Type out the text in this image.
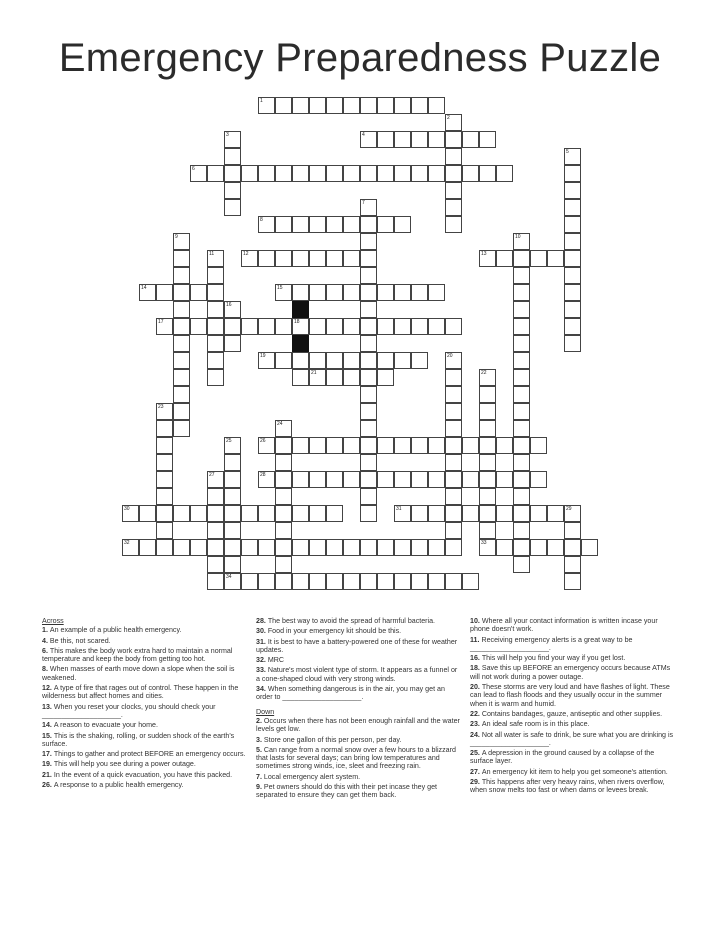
Emergency Preparedness Puzzle
1
2
3	4
5
6
7
8
9	10
11	12	13
14	15
16
17	18
19	20
21	22
33
23
24
25	26
27	28
29
30	31
32
34
Across
1. An example of a public health emergency.
4. Be this, not scared.
6. This makes the body work extra hard to maintain a normal temperature and keep the body from getting too hot.
8. When masses of earth move down a slope when the soil is weakened.
12. A type of fire that rages out of control. These happen in the wilderness but affect homes and cities.
13. When you reset your clocks, you should check your ____________________.
14. A reason to evacuate your home.
15. This is the shaking, rolling, or sudden shock of the earth's surface.
17. Things to gather and protect BEFORE an emergency occurs.
19. This will help you see during a power outage.
21. In the event of a quick evacuation, you have this packed.
26. A response to a public health emergency.
28. The best way to avoid the spread of harmful bacteria.
30. Food in your emergency kit should be this.
31. It is best to have a battery-powered one of these for weather updates.
32. MRC
33. Nature's most violent type of storm. It appears as a funnel or a cone-shaped cloud with very strong winds.
34. When something dangerous is in the air, you may get an order to ____________________.
Down
2. Occurs when there has not been enough rainfall and the water levels get low.
3. Store one gallon of this per person, per day.
5. Can range from a normal snow over a few hours to a blizzard that lasts for several days; can bring low temperatures and sometimes strong winds, ice, sleet and freezing rain.
7. Local emergency alert system.
9. Pet owners should do this with their pet incase they get separated to ensure they can get them back.
10. Where all your contact information is written incase your phone doesn't work.
11. Receiving emergency alerts is a great way to be ____________________.
16. This will help you find your way if you get lost.
18. Save this up BEFORE an emergency occurs because ATMs will not work during a power outage.
20. These storms are very loud and have flashes of light. These can lead to flash floods and they usually occur in the summer when it is warm and humid.
22. Contains bandages, gauze, antiseptic and other supplies.
23. An ideal safe room is in this place.
24. Not all water is safe to drink, be sure what you are drinking is ____________________.
25. A depression in the ground caused by a collapse of the surface layer.
27. An emergency kit item to help you get someone's attention.
29. This happens after very heavy rains, when rivers overflow, when snow melts too fast or when dams or levees break.
